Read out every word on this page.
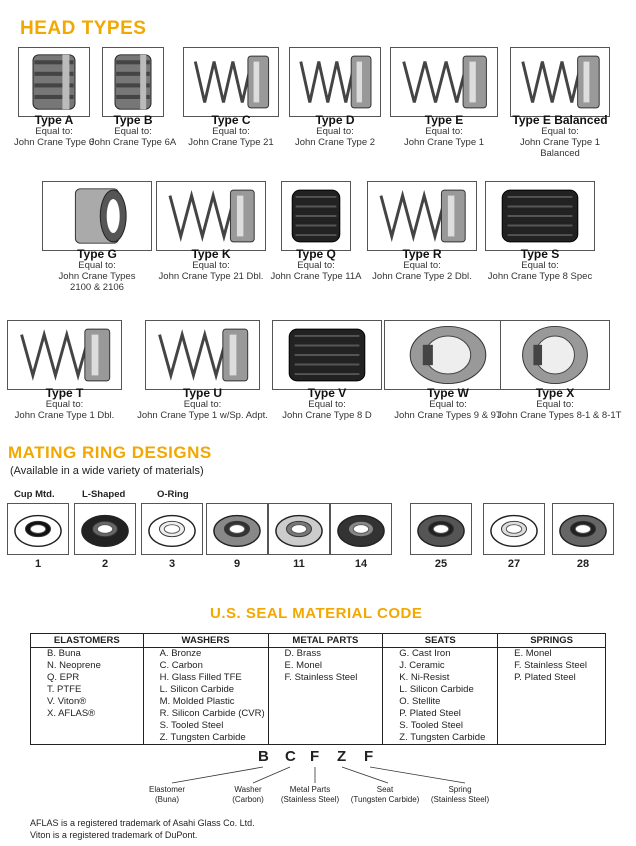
HEAD TYPES
Type A
Equal to:
John Crane Type 6
Type B
Equal to:
John Crane Type 6A
Type C
Equal to:
John Crane Type 21
Type D
Equal to:
John Crane Type 2
Type E
Equal to:
John Crane Type 1
Type E Balanced
Equal to:
John Crane Type 1
Balanced
Type G
Equal to:
John Crane Types
2100 & 2106
Type K
Equal to:
John Crane Type 21 Dbl.
Type Q
Equal to:
John Crane Type 11A
Type R
Equal to:
John Crane Type 2 Dbl.
Type S
Equal to:
John Crane Type 8 Spec
Type T
Equal to:
John Crane Type 1 Dbl.
Type U
Equal to:
John Crane Type 1 w/Sp. Adpt.
Type V
Equal to:
John Crane Type 8 D
Type W
Equal to:
John Crane Types 9 & 9T
Type X
Equal to:
John Crane Types 8-1 & 8-1T
MATING RING DESIGNS
(Available in a wide variety of materials)
Cup Mtd.	L-Shaped	O-Ring
1	2	3	9	11	14	25	27	28
U.S. SEAL MATERIAL CODE
ELASTOMERS	WASHERS	METAL PARTS	SEATS	SPRINGS
B. Buna	A. Bronze	D. Brass	G. Cast Iron	E. Monel
N. Neoprene	C. Carbon	E. Monel	J. Ceramic	F. Stainless Steel
Q. EPR	H. Glass Filled TFE	F. Stainless Steel	K. Ni-Resist	P. Plated Steel
T. PTFE	L. Silicon Carbide		L. Silicon Carbide	
V. Viton®	M. Molded Plastic		O. Stellite	
X. AFLAS®	R. Silicon Carbide (CVR)		P. Plated Steel	
	S. Tooled Steel		S. Tooled Steel	
	Z. Tungsten Carbide		Z. Tungsten Carbide	
B C F Z F
Elastomer
(Buna)
Washer
(Carbon)
Metal Parts
(Stainless Steel)
Seat
(Tungsten Carbide)
Spring
(Stainless Steel)
AFLAS is a registered trademark of Asahi Glass Co. Ltd.
Viton is a registered trademark of DuPont.
